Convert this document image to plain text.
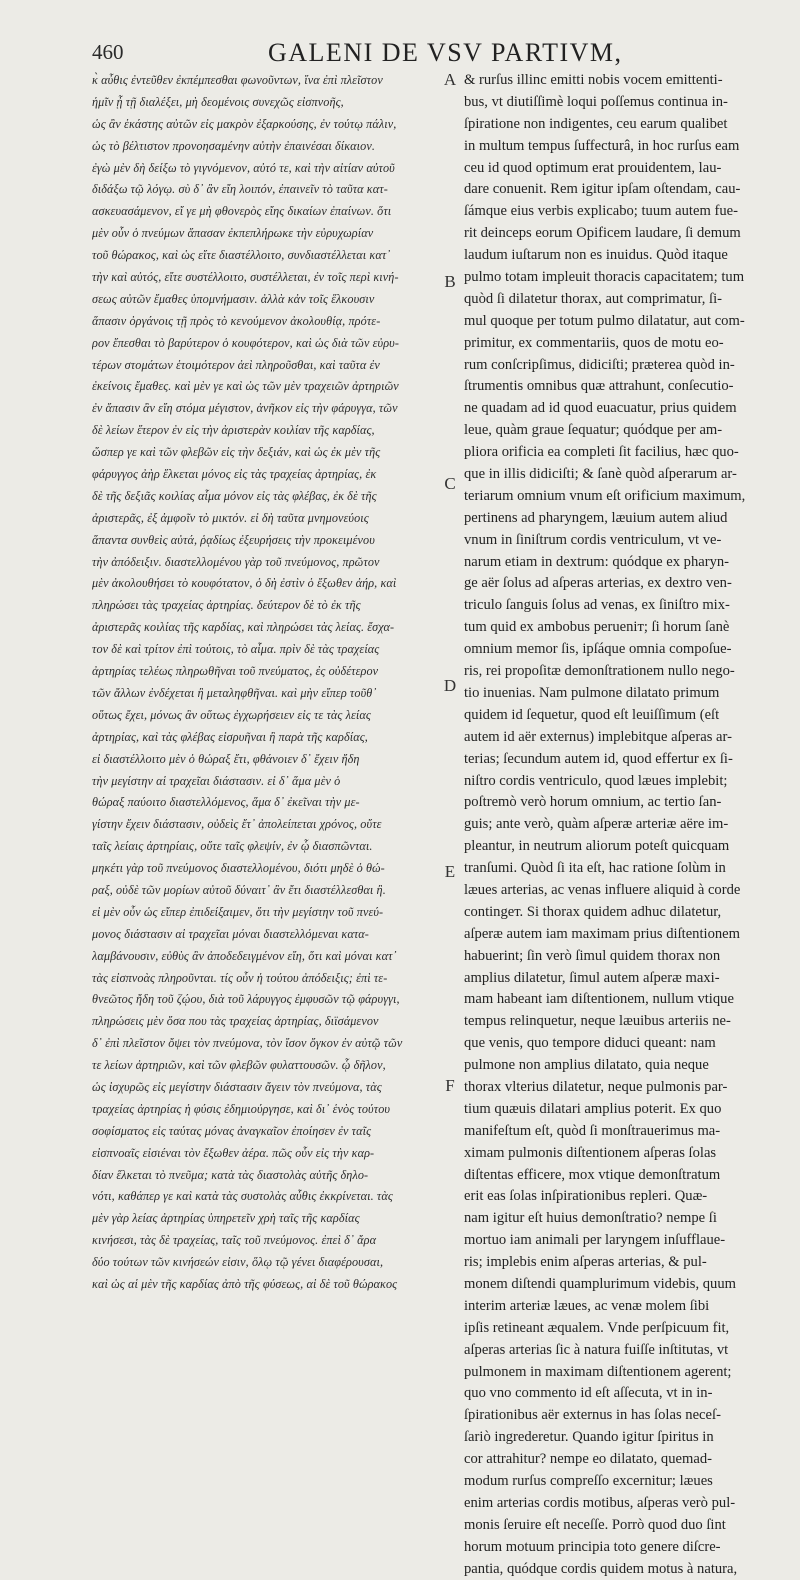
460	GALENI DE VSV PARTIVM,
κ̀ αὖθις ἐντεῦθεν ἐκπέμπεσθαι φωνοῦντων, ἵνα ἐπὶ πλεῖστον
ἡμῖν ᾖ τῇ διαλέξει, μὴ δεομένοις συνεχῶς εἰσπνοῆς,
ὡς ἂν ἑκάστης αὐτῶν εἰς μακρὸν ἐξαρκούσης, ἐν τούτῳ πάλιν,
ὡς τὸ βέλτιστον προνοησαμένην αὐτὴν ἐπαινέσαι δίκαιον.
ἐγὼ μὲν δὴ δείξω τὸ γιγνόμενον, αὐτό τε, καὶ τὴν αἰτίαν αὐτοῦ
διδάξω τῷ λόγῳ. σὺ δ᾽ ἂν εἴη λοιπόν, ἐπαινεῖν τὸ ταῦτα κατ-
ασκευασάμενον, εἴ γε μὴ φθονερὸς εἴης δικαίων ἐπαίνων. ὅτι
μὲν οὖν ὁ πνεύμων ἅπασαν ἐκπεπλήρωκε τὴν εὐρυχωρίαν
τοῦ θώρακος, καὶ ὡς εἴτε διαστέλλοιτο, συνδιαστέλλεται κατ᾽
τὴν καὶ αὐτός, εἴτε συστέλλοιτο, συστέλλεται, ἐν τοῖς περὶ κινή-
σεως αὐτῶν ἔμαθες ὑπομνήμασιν. ἀλλὰ κἀν τοῖς ἕλκουσιν
ἅπασιν ὀργάνοις τῇ πρὸς τὸ κενούμενον ἀκολουθίᾳ, πρότε-
ρον ἕπεσθαι τὸ βαρύτερον ὁ κουφότερον, καὶ ὡς διὰ τῶν εὐρυ-
τέρων στομάτων ἑτοιμότερον ἀεὶ πληροῦσθαι, καὶ ταῦτα ἐν
ἐκείνοις ἔμαθες. καὶ μὲν γε καὶ ὡς τῶν μὲν τραχειῶν ἀρτηριῶν
ἐν ἅπασιν ἂν εἴη στόμα μέγιστον, ἀνῆκον εἰς τὴν φάρυγγα, τῶν
δὲ λείων ἕτερον ἐν εἰς τὴν ἀριστερὰν κοιλίαν τῆς καρδίας,
ὥσπερ γε καὶ τῶν φλεβῶν εἰς τὴν δεξιάν, καὶ ὡς ἐκ μὲν τῆς
φάρυγγος ἀὴρ ἕλκεται μόνος εἰς τὰς τραχείας ἀρτηρίας, ἐκ
δὲ τῆς δεξιᾶς κοιλίας αἷμα μόνον εἰς τὰς φλέβας, ἐκ δὲ τῆς
ἀριστερᾶς, ἐξ ἀμφοῖν τὸ μικτόν. εἰ δὴ ταῦτα μνημονεύοις
ἅπαντα συνθεὶς αὐτά, ῥᾳδίως ἐξευρήσεις τὴν προκειμένου
τὴν ἀπόδειξιν. διαστελλομένου γὰρ τοῦ πνεύμονος, πρῶτον
μὲν ἀκολουθήσει τὸ κουφότατον, ὁ δὴ ἐστὶν ὁ ἔξωθεν ἀήρ, καὶ
πληρώσει τὰς τραχείας ἀρτηρίας. δεύτερον δὲ τὸ ἐκ τῆς
ἀριστερᾶς κοιλίας τῆς καρδίας, καὶ πληρώσει τὰς λείας. ἔσχα-
τον δὲ καὶ τρίτον ἐπὶ τούτοις, τὸ αἷμα. πρὶν δὲ τὰς τραχείας
ἀρτηρίας τελέως πληρωθῆναι τοῦ πνεύματος, ἐς οὐδέτερον
τῶν ἄλλων ἐνδέχεται ἢ μεταληφθῆναι. καὶ μὴν εἴπερ τοῦθ᾽
οὕτως ἔχει, μόνως ἂν οὕτως ἐγχωρήσειεν εἰς τε τὰς λείας
ἀρτηρίας, καὶ τὰς φλέβας εἰσρυῆναι ἢ παρὰ τῆς καρδίας,
εἰ διαστέλλοιτο μὲν ὁ θώραξ ἔτι, φθάνοιεν δ᾽ ἔχειν ἤδη
τὴν μεγίστην αἱ τραχεῖαι διάστασιν. εἰ δ᾽ ἅμα μὲν ὁ
θώραξ παύοιτο διαστελλόμενος, ἅμα δ᾽ ἐκεῖναι τὴν με-
γίστην ἔχειν διάστασιν, οὐδεὶς ἔτ᾽ ἀπολείπεται χρόνος, οὔτε
ταῖς λείαις ἀρτηρίαις, οὔτε ταῖς φλεψίν, ἐν ᾧ διασπῶνται.
μηκέτι γὰρ τοῦ πνεύμονος διαστελλομένου, διότι μηδὲ ὁ θώ-
ραξ, οὐδὲ τῶν μορίων αὐτοῦ δύναιτ᾽ ἂν ἔτι διαστέλλεσθαι ἢ.
εἰ μὲν οὖν ὡς εἴπερ ἐπιδείξαιμεν, ὅτι τὴν μεγίστην τοῦ πνεύ-
μονος διάστασιν αἱ τραχεῖαι μόναι διαστελλόμεναι κατα-
λαμβάνουσιν, εὐθὺς ἂν ἀποδεδειγμένον εἴη, ὅτι καὶ μόναι κατ᾽
τὰς εἰσπνοὰς πληροῦνται. τίς οὖν ἡ τούτου ἀπόδειξις; ἐπὶ τε-
θνεῶτος ἤδη τοῦ ζῴου, διὰ τοῦ λάρυγγος ἐμφυσῶν τῷ φάρυγγι,
πληρώσεις μὲν ὅσα που τὰς τραχείας ἀρτηρίας, διϊσάμενον
δ᾽ ἐπὶ πλεῖστον ὄψει τὸν πνεύμονα, τὸν ἴσον ὄγκον ἐν αὐτῷ τῶν
τε λείων ἀρτηριῶν, καὶ τῶν φλεβῶν φυλαττουσῶν. ᾧ δῆλον,
ὡς ἰσχυρῶς εἰς μεγίστην διάστασιν ἄγειν τὸν πνεύμονα, τὰς
τραχείας ἀρτηρίας ἡ φύσις ἐδημιούργησε, καὶ δι᾽ ἑνὸς τούτου
σοφίσματος εἰς ταύτας μόνας ἀναγκαῖον ἐποίησεν ἐν ταῖς
εἰσπνοαῖς εἰσιέναι τὸν ἔξωθεν ἀέρα. πῶς οὖν εἰς τὴν καρ-
δίαν ἕλκεται τὸ πνεῦμα; κατὰ τὰς διαστολὰς αὐτῆς δηλο-
νότι, καθάπερ γε καὶ κατὰ τὰς συστολὰς αὖθις ἐκκρίνεται. τὰς
μὲν γὰρ λείας ἀρτηρίας ὑπηρετεῖν χρὴ ταῖς τῆς καρδίας
κινήσεσι, τὰς δὲ τραχείας, ταῖς τοῦ πνεύμονος. ἐπεὶ δ᾽ ἄρα
δύο τούτων τῶν κινήσεών εἰσιν, ὅλῳ τῷ γένει διαφέρουσαι,
καὶ ὡς αἱ μὲν τῆς καρδίας ἀπὸ τῆς φύσεως, αἱ δὲ τοῦ θώρακος
& rurſus illinc emitti nobis vocem emittenti-
bus, vt diutiſſimè loqui poſſemus continua in-
ſpiratione non indigentes, ceu earum qualibet
in multum tempus ſuffecturâ, in hoc rurſus eam
ceu id quod optimum erat prouidentem, lau-
dare conuenit. Rem igitur ipſam oſtendam, cau-
ſámque eius verbis explicabo; tuum autem fue-
rit deinceps eorum Opificem laudare, ſi demum
laudum iuſtarum non es inuidus. Quòd itaque
pulmo totam impleuit thoracis capacitatem; tum
quòd ſi dilatetur thorax, aut comprimatur, ſi-
mul quoque per totum pulmo dilatatur, aut com-
primitur, ex commentariis, quos de motu eo-
rum conſcripſimus, didiciſti; præterea quòd in-
ſtrumentis omnibus quæ attrahunt, conſecutio-
ne quadam ad id quod euacuatur, prius quidem
leue, quàm graue ſequatur; quódque per am-
pliora orificia ea completi ſit facilius, hæc quo-
que in illis didiciſti; & ſanè quòd aſperarum ar-
teriarum omnium vnum eſt orificium maximum,
pertinens ad pharyngem, læuium autem aliud
vnum in ſiniſtrum cordis ventriculum, vt ve-
narum etiam in dextrum: quódque ex pharyn-
ge aër ſolus ad aſperas arterias, ex dextro ven-
triculo ſanguis ſolus ad venas, ex ſiniſtro mix-
tum quid ex ambobus perueniт; ſi horum ſanè
omnium memor ſis, ipſáque omnia compoſue-
ris, rei propoſitæ demonſtrationem nullo nego-
tio inuenias. Nam pulmone dilatato primum
quidem id ſequetur, quod eſt leuiſſimum (eſt
autem id aër externus) implebitque aſperas ar-
terias; ſecundum autem id, quod effertur ex ſi-
niſtro cordis ventriculo, quod læues implebit;
poſtremò verò horum omnium, ac tertio ſan-
guis; ante verò, quàm aſperæ arteriæ aëre im-
pleantur, in neutrum aliorum poteſt quicquam
tranſumi. Quòd ſi ita eſt, hac ratione ſolùm in
læues arterias, ac venas influere aliquid à corde
contingет. Si thorax quidem adhuc dilatetur,
aſperæ autem iam maximam prius diſtentionem
habuerint; ſin verò ſimul quidem thorax non
amplius dilatetur, ſimul autem aſperæ maxi-
mam habeant iam diſtentionem, nullum vtique
tempus relinquetur, neque læuibus arteriis ne-
que venis, quo tempore diduci queant: nam
pulmone non amplius dilatato, quia neque
thorax vlterius dilatetur, neque pulmonis par-
tium quæuis dilatari amplius poterit. Ex quo
manifeſtum eſt, quòd ſi monſtrauerimus ma-
ximam pulmonis diſtentionem aſperas ſolas
diſtentas efficere, mox vtique demonſtratum
erit eas ſolas inſpirationibus repleri. Quæ-
nam igitur eſt huius demonſtratio? nempe ſi
mortuo iam animali per laryngem inſufflaue-
ris; implebis enim aſperas arterias, & pul-
monem diſtendi quamplurimum videbis, quum
interim arteriæ læues, ac venæ molem ſibi
ipſis retineant æqualem. Vnde perſpicuum fit,
aſperas arterias ſic à natura fuiſſe inſtitutas, vt
pulmonem in maximam diſtentionem agerent;
quo vno commento id eſt aſſecuta, vt in in-
ſpirationibus aër externus in has ſolas neceſ-
ſariò ingrederetur. Quando igitur ſpiritus in
cor attrahitur? nempe eo dilatato, quemad-
modum rurſus compreſſo excernitur; læues
enim arterias cordis motibus, aſperas verò pul-
monis ſeruire eſt neceſſe. Porrò quod duo ſint
horum motuum principia toto genere diſcre-
pantia, quódque cordis quidem motus à natura,
A
B
C
D
E
F
